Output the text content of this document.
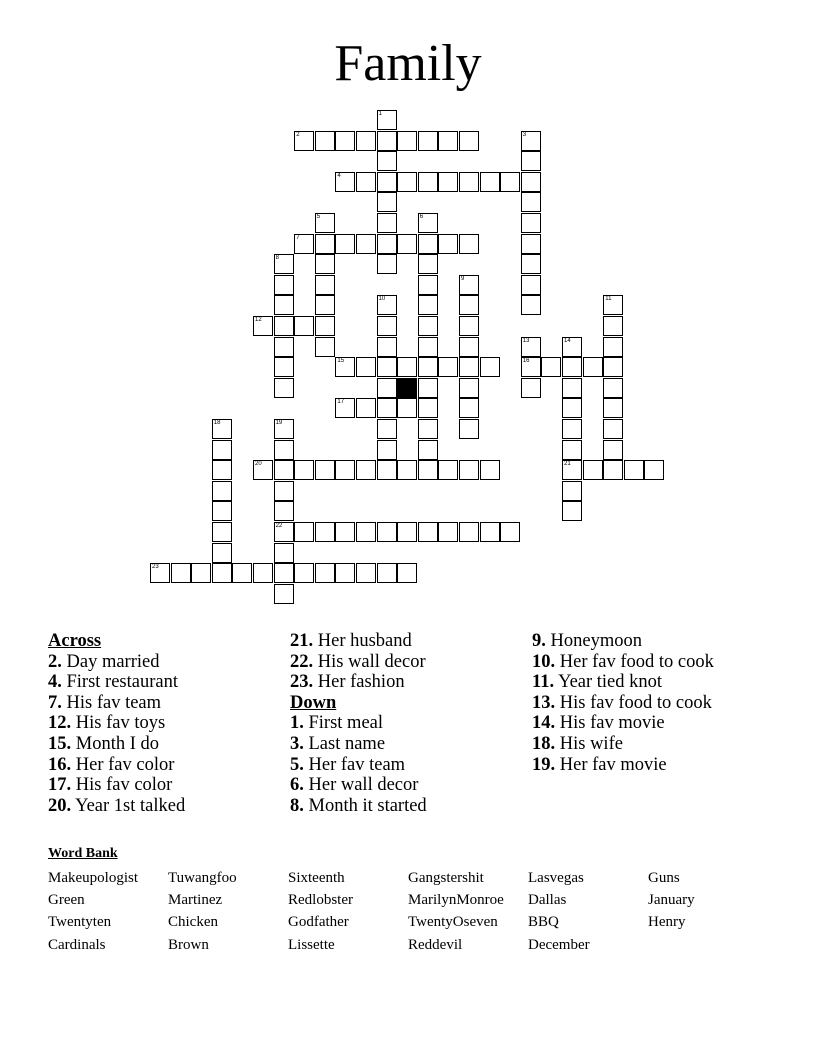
Family
1
2	3
4
5	6
7
8
9
10	11
12
13
16
14
21
15
17
18	19
22
20
23
Across
2. Day married
4. First restaurant
7. His fav team
12. His fav toys
15. Month I do
16. Her fav color
17. His fav color
20. Year 1st talked
21. Her husband
22. His wall decor
23. Her fashion
Down
1. First meal
3. Last name
5. Her fav team
6. Her wall decor
8. Month it started
9. Honeymoon
10. Her fav food to cook
11. Year tied knot
13. His fav food to cook
14. His fav movie
18. His wife
19. Her fav movie
Word Bank
Makeupologist
Green
Twentyten
Cardinals
Tuwangfoo
Martinez
Chicken
Brown
Sixteenth
Redlobster
Godfather
Lissette
Gangstershit
MarilynMonroe
TwentyOseven
Reddevil
Lasvegas
Dallas
BBQ
December
Guns
January
Henry
